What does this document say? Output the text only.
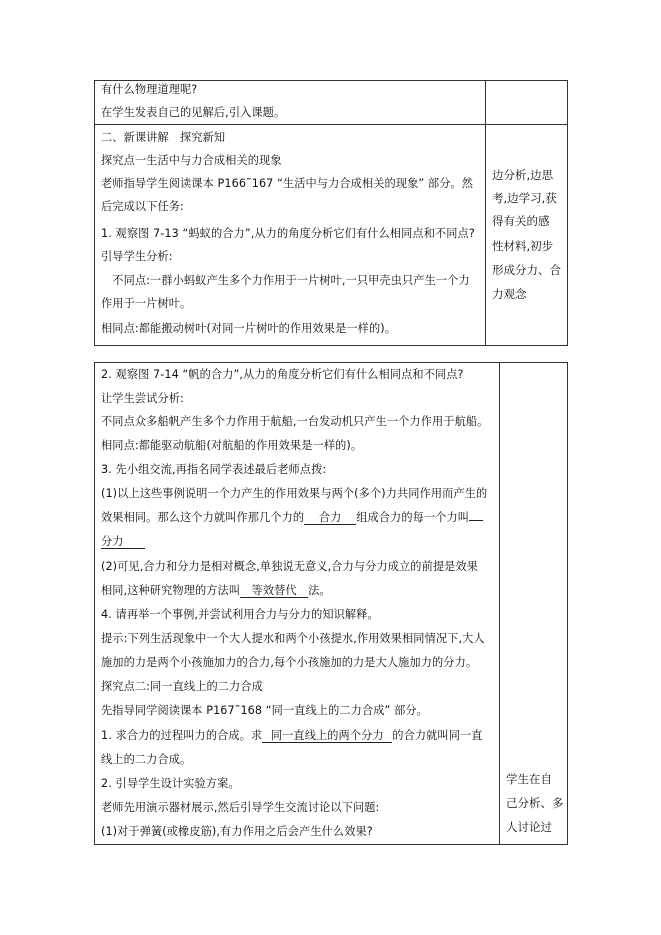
有什么物理道理呢?
在学生发表自己的见解后,引入课题。
二、新课讲解　探究新知
探究点一生活中与力合成相关的现象
老师指导学生阅读课本 P166˜167 “生活中与力合成相关的现象” 部分。然
后完成以下任务:
1. 观察图 7-13 “蚂蚁的合力”,从力的角度分析它们有什么相同点和不同点?
引导学生分析:
　不同点:一群小蚂蚁产生多个力作用于一片树叶,一只甲壳虫只产生一个力
作用于一片树叶。
相同点:都能搬动树叶(对同一片树叶的作用效果是一样的)。
边分析,边思
考,边学习,获
得有关的感
性材料,初步
形成分力、合
力观念
2. 观察图 7-14 “帆的合力”,从力的角度分析它们有什么相同点和不同点?
让学生尝试分析:
不同点众多船帆产生多个力作用于航船,一台发动机只产生一个力作用于航船。
相同点:都能驱动航船(对航船的作用效果是一样的)。
3. 先小组交流,再指名同学表述最后老师点拨:
(1)以上这些事例说明一个力产生的作用效果与两个(多个)力共同作用而产生的
效果相同。那么这个力就叫作那几个力的 合力 组成合力的每一个力叫
分力
(2)可见,合力和分力是相对概念,单独说无意义,合力与分力成立的前提是效果
相同,这种研究物理的方法叫 等效替代 法。
4. 请再举一个事例,并尝试利用合力与分力的知识解释。
提示:下列生活现象中一个大人提水和两个小孩提水,作用效果相同情况下,大人
施加的力是两个小孩施加力的合力,每个小孩施加的力是大人施加力的分力。
探究点二:同一直线上的二力合成
先指导同学阅读课本 P167˜168 “同一直线上的二力合成” 部分。
1. 求合力的过程叫力的合成。求 同一直线上的两个分力 的合力就叫同一直
线上的二力合成。
2. 引导学生设计实验方案。
老师先用演示器材展示,然后引导学生交流讨论以下问题:
(1)对于弹簧(或橡皮筋),有力作用之后会产生什么效果?
学生在自
己分析、多
人讨论过
